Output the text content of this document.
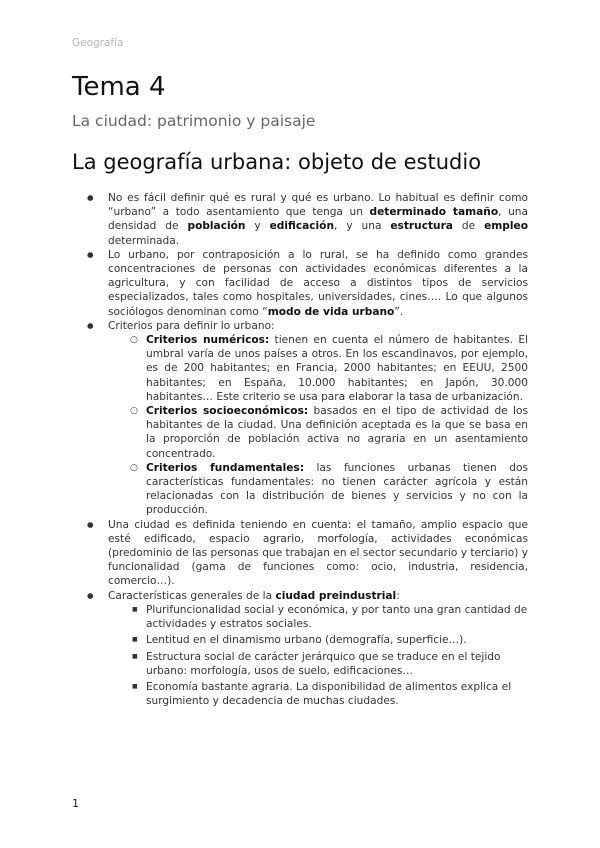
Geografía
Tema 4
La ciudad: patrimonio y paisaje
La geografía urbana: objeto de estudio
● No es fácil definir qué es rural y qué es urbano. Lo habitual es definir como “urbano” a todo asentamiento que tenga un determinado tamaño, una densidad de población y edificación, y una estructura de empleo determinada.
● Lo urbano, por contraposición a lo rural, se ha definido como grandes concentraciones de personas con actividades económicas diferentes a la agricultura, y con facilidad de acceso a distintos tipos de servicios especializados, tales como hospitales, universidades, cines…. Lo que algunos sociólogos denominan como “modo de vida urbano”.
● Criterios para definir lo urbano:
○ Criterios numéricos: tienen en cuenta el número de habitantes. El umbral varía de unos países a otros. En los escandinavos, por ejemplo, es de 200 habitantes; en Francia, 2000 habitantes; en EEUU, 2500 habitantes; en España, 10.000 habitantes; en Japón, 30.000 habitantes… Este criterio se usa para elaborar la tasa de urbanización.
○ Criterios socioeconómicos: basados en el tipo de actividad de los habitantes de la ciudad. Una definición aceptada es la que se basa en la proporción de población activa no agraria en un asentamiento concentrado.
○ Criterios fundamentales: las funciones urbanas tienen dos características fundamentales: no tienen carácter agrícola y están relacionadas con la distribución de bienes y servicios y no con la producción.
● Una ciudad es definida teniendo en cuenta: el tamaño, amplio espacio que esté edificado, espacio agrario, morfología, actividades económicas (predominio de las personas que trabajan en el sector secundario y terciario) y funcionalidad (gama de funciones como: ocio, industria, residencia, comercio…).
● Características generales de la ciudad preindustrial:
■ Plurifuncionalidad social y económica, y por tanto una gran cantidad de actividades y estratos sociales.
■ Lentitud en el dinamismo urbano (demografía, superficie…).
■ Estructura social de carácter jerárquico que se traduce en el tejido urbano: morfología, usos de suelo, edificaciones…
■ Economía bastante agraria. La disponibilidad de alimentos explica el surgimiento y decadencia de muchas ciudades.
1
